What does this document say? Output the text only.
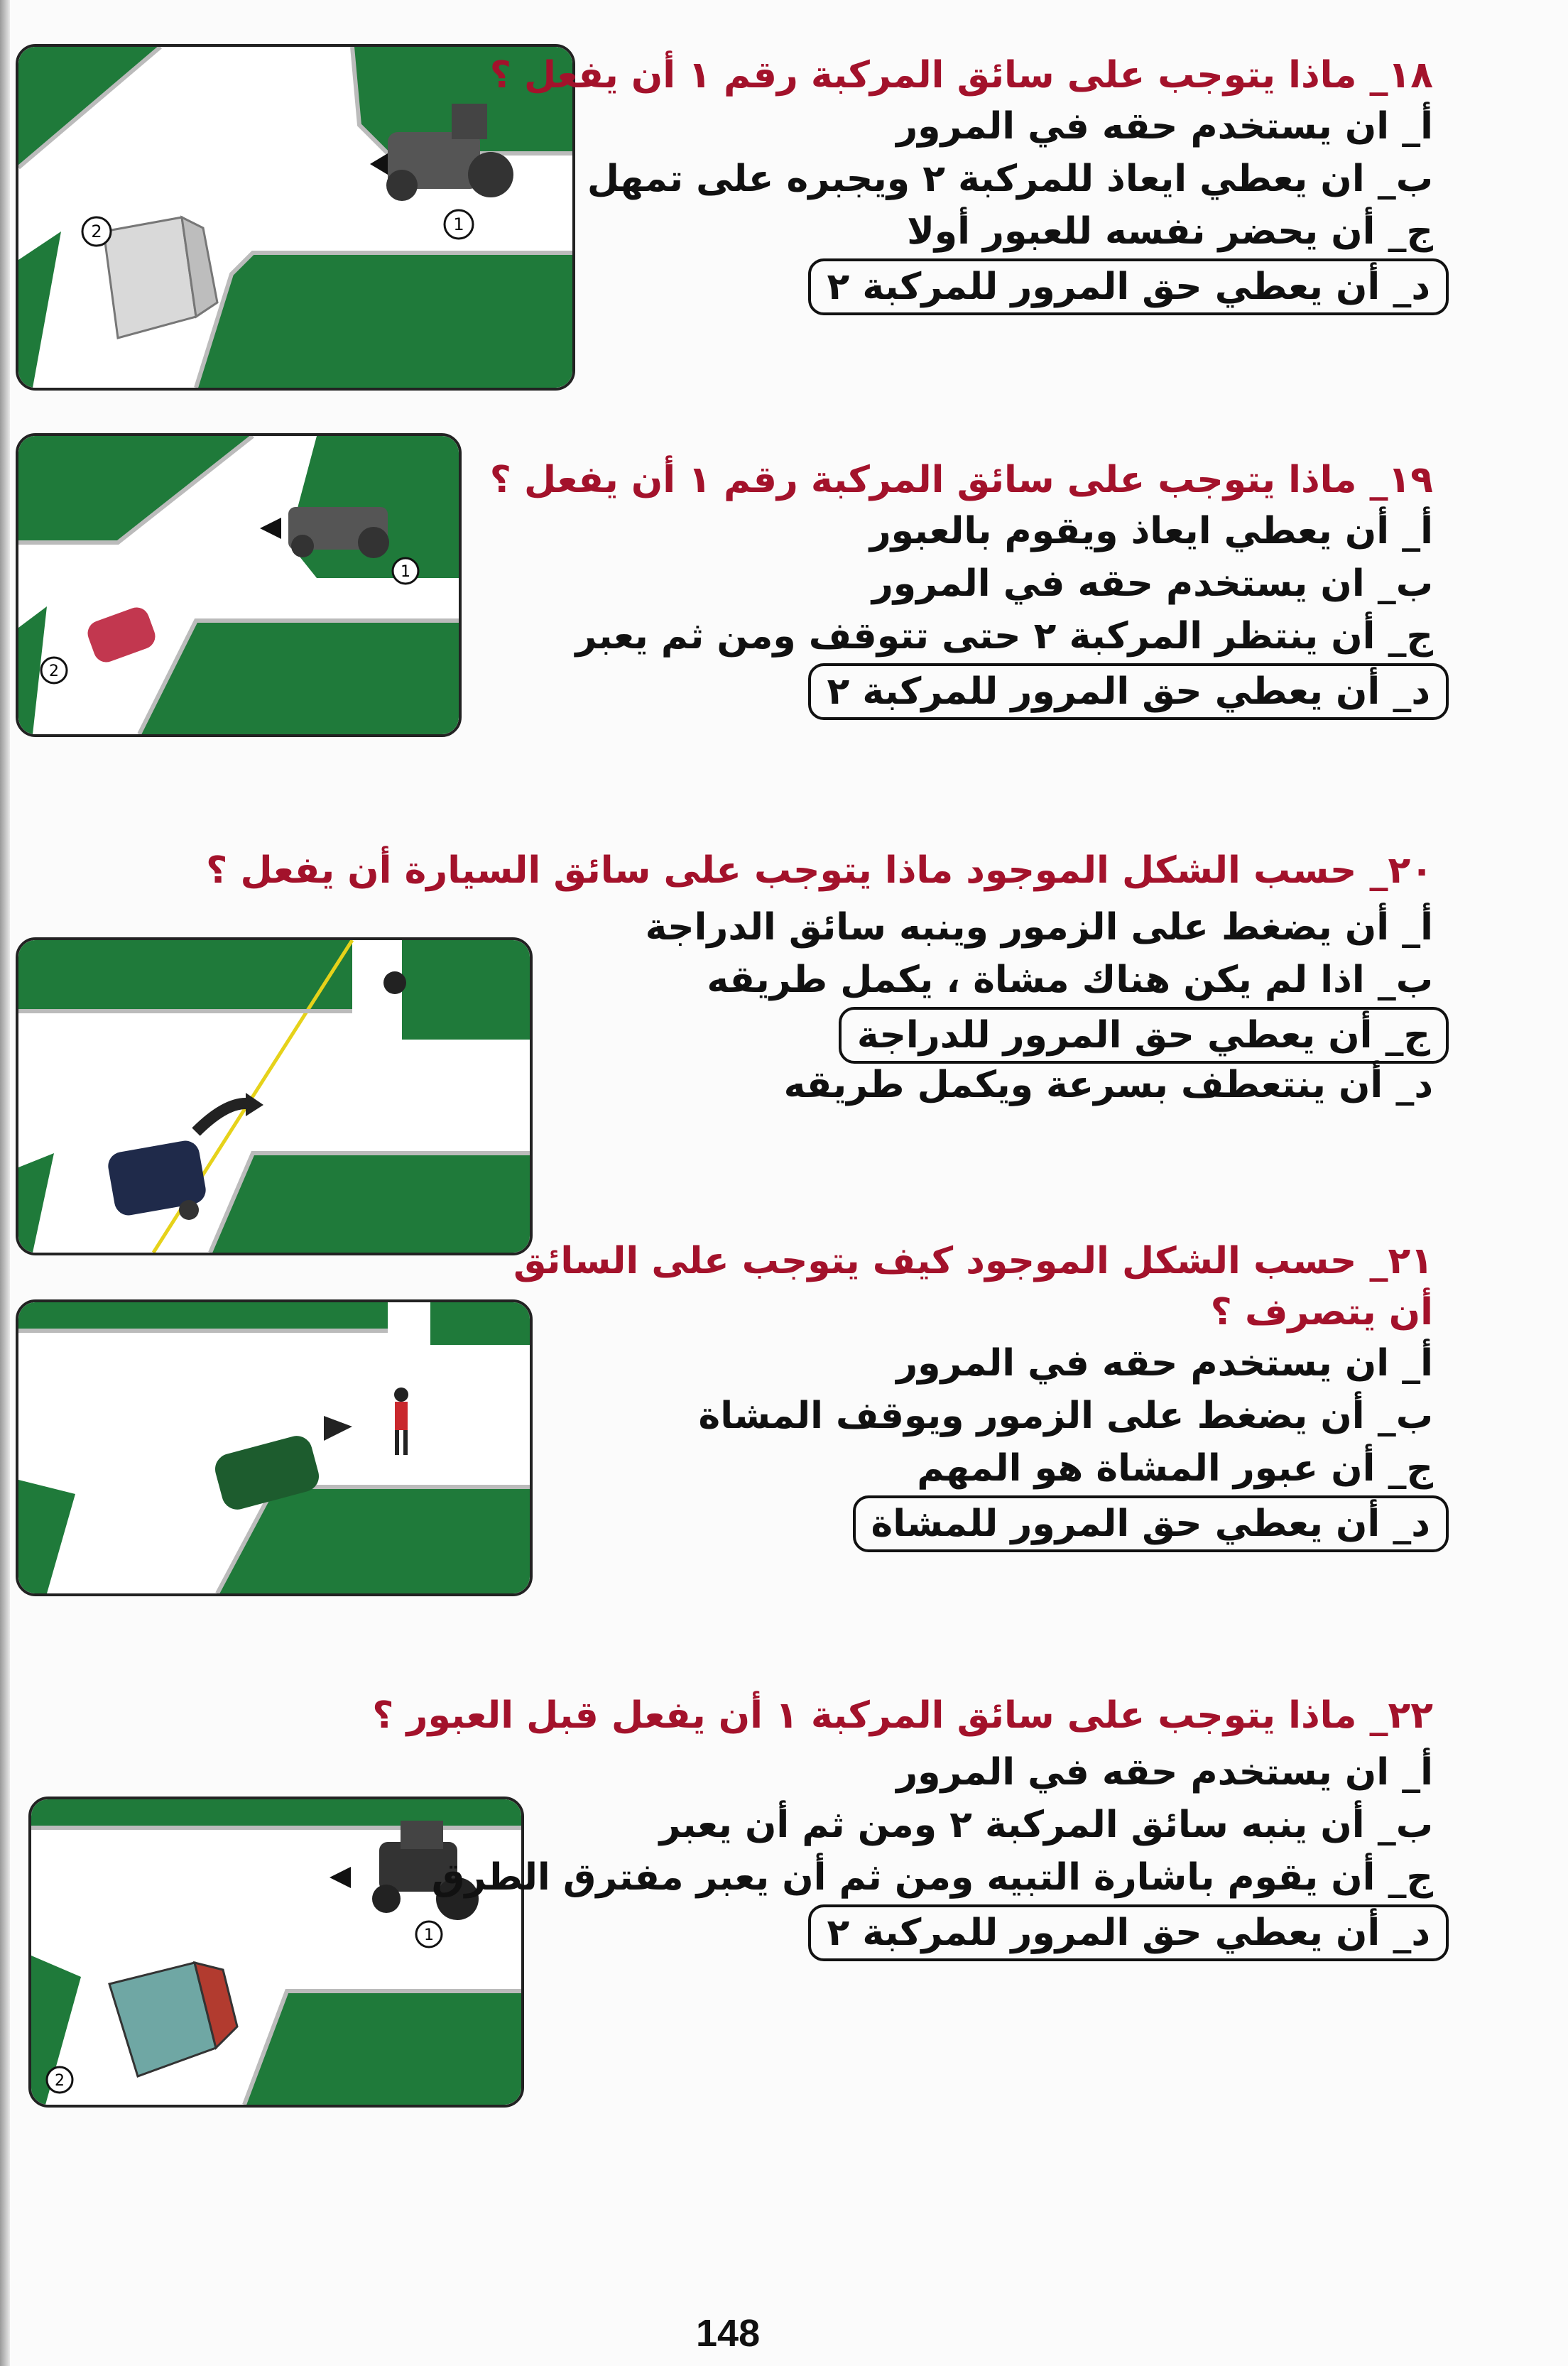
1
2
١٨_ ماذا يتوجب على سائق المركبة رقم ١ أن يفعل ؟
أ_ ان يستخدم حقه في المرور
ب_ ان يعطي ايعاذ للمركبة ٢ ويجبره على تمهل
ج_ أن يحضر نفسه للعبور أولا
د_ أن يعطي حق المرور للمركبة ٢
1
2
١٩_ ماذا يتوجب على سائق المركبة رقم ١ أن يفعل ؟
أ_ أن يعطي ايعاذ ويقوم بالعبور
ب_ ان يستخدم حقه في المرور
ج_ أن ينتظر المركبة ٢ حتى تتوقف ومن ثم يعبر
د_ أن يعطي حق المرور للمركبة ٢
٢٠_ حسب الشكل الموجود ماذا يتوجب على سائق السيارة أن يفعل ؟
أ_ أن يضغط على الزمور وينبه سائق الدراجة
ب_ اذا لم يكن هناك مشاة ، يكمل طريقه
ج_ أن يعطي حق المرور للدراجة
د_ أن ينتعطف بسرعة ويكمل طريقه
٢١_ حسب الشكل الموجود كيف يتوجب على السائق أن يتصرف ؟
أ_ ان يستخدم حقه في المرور
ب_ أن يضغط على الزمور ويوقف المشاة
ج_ أن عبور المشاة هو المهم
د_ أن يعطي حق المرور للمشاة
٢٢_ ماذا يتوجب على سائق المركبة ١ أن يفعل قبل العبور ؟
1
2
أ_ ان يستخدم حقه في المرور
ب_ أن ينبه سائق المركبة ٢ ومن ثم أن يعبر
ج_ أن يقوم باشارة التبيه ومن ثم أن يعبر مفترق الطرق
د_ أن يعطي حق المرور للمركبة ٢
148
